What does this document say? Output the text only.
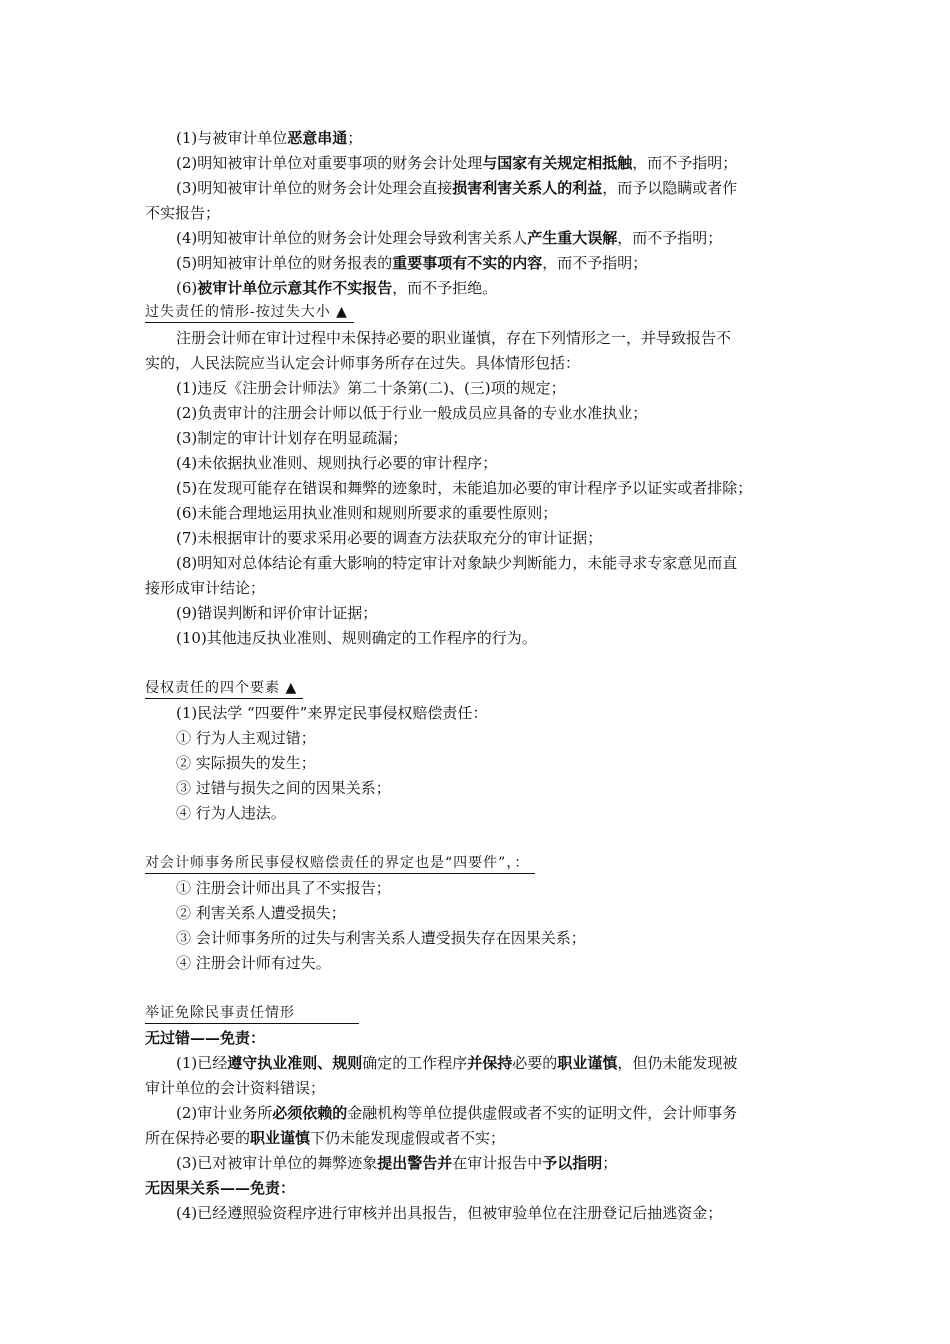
(1)与被审计单位恶意串通；
(2)明知被审计单位对重要事项的财务会计处理与国家有关规定相抵触，而不予指明；
(3)明知被审计单位的财务会计处理会直接损害利害关系人的利益，而予以隐瞒或者作
不实报告；
(4)明知被审计单位的财务会计处理会导致利害关系人产生重大误解，而不予指明；
(5)明知被审计单位的财务报表的重要事项有不实的内容，而不予指明；
(6)被审计单位示意其作不实报告，而不予拒绝。
过失责任的情形-按过失大小 ▲
注册会计师在审计过程中未保持必要的职业谨慎，存在下列情形之一，并导致报告不
实的，人民法院应当认定会计师事务所存在过失。具体情形包括：
(1)违反《注册会计师法》第二十条第(二)、(三)项的规定；
(2)负责审计的注册会计师以低于行业一般成员应具备的专业水准执业；
(3)制定的审计计划存在明显疏漏；
(4)未依据执业准则、规则执行必要的审计程序；
(5)在发现可能存在错误和舞弊的迹象时，未能追加必要的审计程序予以证实或者排除；
(6)未能合理地运用执业准则和规则所要求的重要性原则；
(7)未根据审计的要求采用必要的调查方法获取充分的审计证据；
(8)明知对总体结论有重大影响的特定审计对象缺少判断能力，未能寻求专家意见而直
接形成审计结论；
(9)错误判断和评价审计证据；
(10)其他违反执业准则、规则确定的工作程序的行为。
侵权责任的四个要素 ▲
(1)民法学 “四要件”来界定民事侵权赔偿责任：
① 行为人主观过错；
② 实际损失的发生；
③ 过错与损失之间的因果关系；
④ 行为人违法。
对会计师事务所民事侵权赔偿责任的界定也是“四要件”，：
① 注册会计师出具了不实报告；
② 利害关系人遭受损失；
③ 会计师事务所的过失与利害关系人遭受损失存在因果关系；
④ 注册会计师有过失。
举证免除民事责任情形
无过错——免责：
(1)已经遵守执业准则、规则确定的工作程序并保持必要的职业谨慎，但仍未能发现被
审计单位的会计资料错误；
(2)审计业务所必须依赖的金融机构等单位提供虚假或者不实的证明文件，会计师事务
所在保持必要的职业谨慎下仍未能发现虚假或者不实；
(3)已对被审计单位的舞弊迹象提出警告并在审计报告中予以指明；
无因果关系——免责：
(4)已经遵照验资程序进行审核并出具报告，但被审验单位在注册登记后抽逃资金；
